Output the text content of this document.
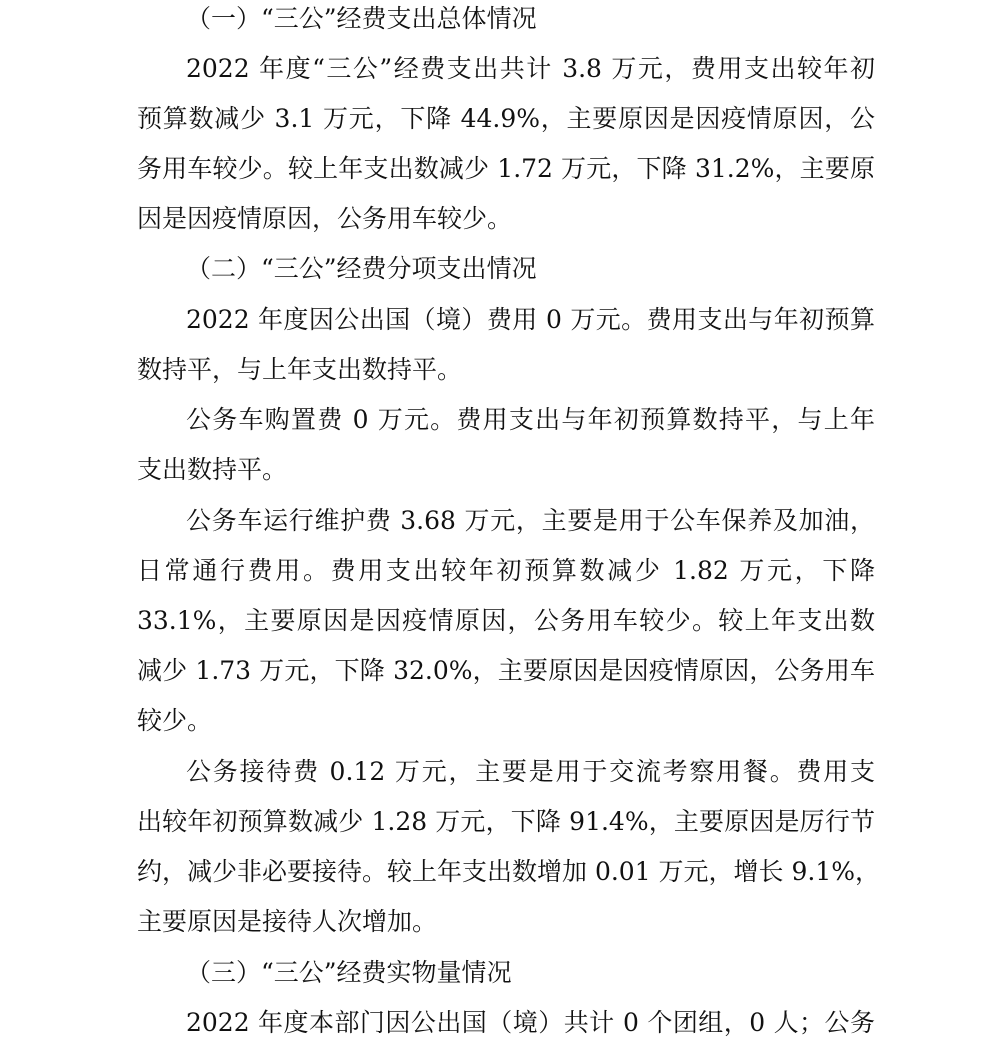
（一）“三公”经费支出总体情况
2022 年度“三公”经费支出共计 3.8 万元，费用支出较年初
预算数减少 3.1 万元，下降 44.9%，主要原因是因疫情原因，公
务用车较少。较上年支出数减少 1.72 万元，下降 31.2%，主要原
因是因疫情原因，公务用车较少。
（二）“三公”经费分项支出情况
2022 年度因公出国（境）费用 0 万元。费用支出与年初预算
数持平，与上年支出数持平。
公务车购置费 0 万元。费用支出与年初预算数持平，与上年
支出数持平。
公务车运行维护费 3.68 万元，主要是用于公车保养及加油，
日常通行费用。费用支出较年初预算数减少 1.82 万元，下降
33.1%，主要原因是因疫情原因，公务用车较少。较上年支出数
减少 1.73 万元，下降 32.0%，主要原因是因疫情原因，公务用车
较少。
公务接待费 0.12 万元，主要是用于交流考察用餐。费用支
出较年初预算数减少 1.28 万元，下降 91.4%，主要原因是厉行节
约，减少非必要接待。较上年支出数增加 0.01 万元，增长 9.1%，
主要原因是接待人次增加。
（三）“三公”经费实物量情况
2022 年度本部门因公出国（境）共计 0 个团组，0 人；公务
